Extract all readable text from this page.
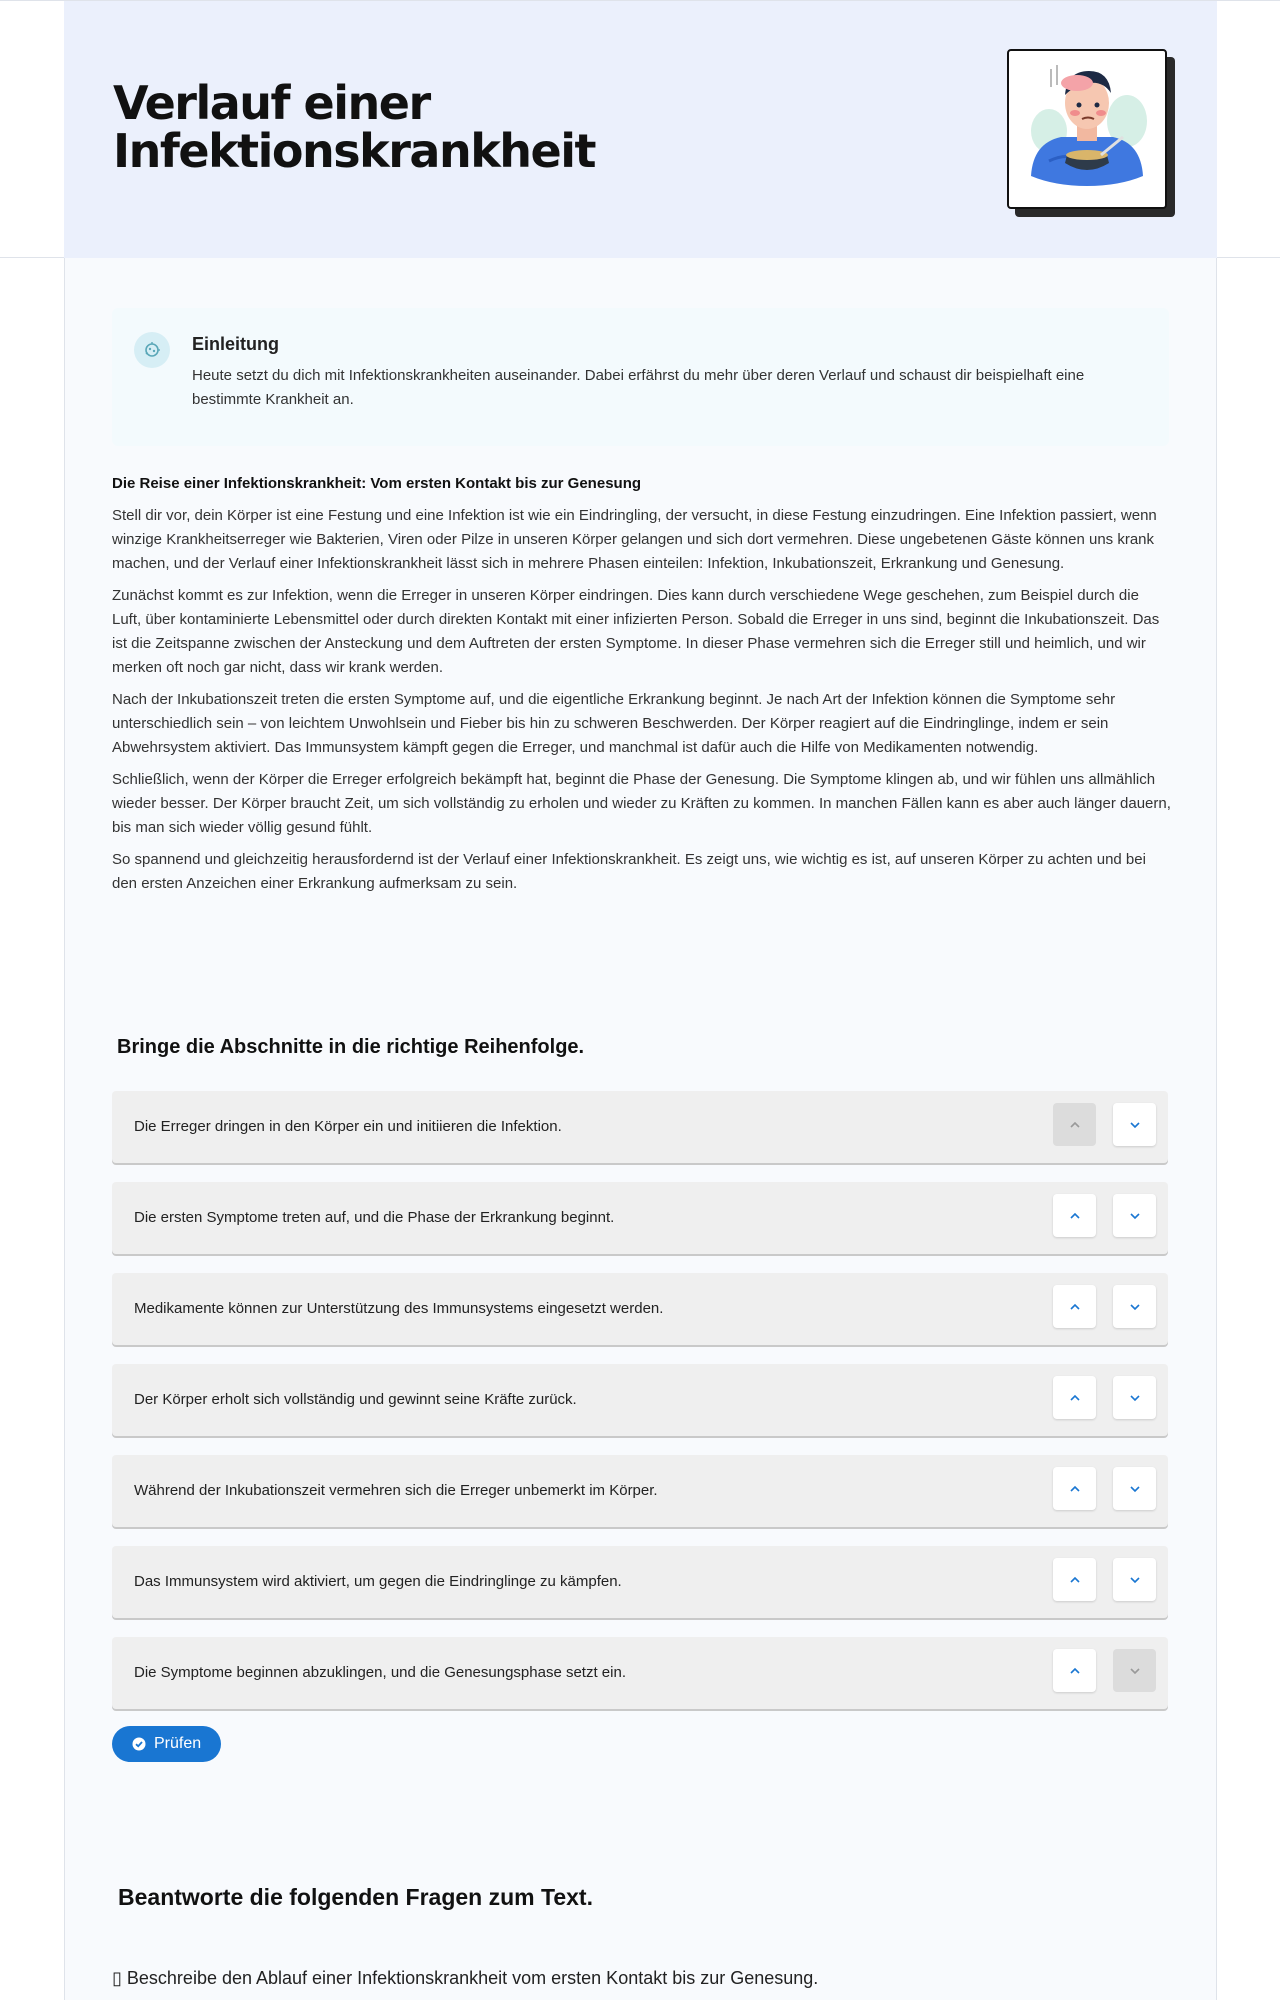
Verlauf einer Infektionskrankheit
Einleitung
Heute setzt du dich mit Infektionskrankheiten auseinander. Dabei erfährst du mehr über deren Verlauf und schaust dir beispielhaft eine bestimmte Krankheit an.
Die Reise einer Infektionskrankheit: Vom ersten Kontakt bis zur Genesung

Stell dir vor, dein Körper ist eine Festung und eine Infektion ist wie ein Eindringling, der versucht, in diese Festung einzudringen. Eine Infektion passiert, wenn winzige Krankheitserreger wie Bakterien, Viren oder Pilze in unseren Körper gelangen und sich dort vermehren. Diese ungebetenen Gäste können uns krank machen, und der Verlauf einer Infektionskrankheit lässt sich in mehrere Phasen einteilen: Infektion, Inkubationszeit, Erkrankung und Genesung.

Zunächst kommt es zur Infektion, wenn die Erreger in unseren Körper eindringen. Dies kann durch verschiedene Wege geschehen, zum Beispiel durch die Luft, über kontaminierte Lebensmittel oder durch direkten Kontakt mit einer infizierten Person. Sobald die Erreger in uns sind, beginnt die Inkubationszeit. Das ist die Zeitspanne zwischen der Ansteckung und dem Auftreten der ersten Symptome. In dieser Phase vermehren sich die Erreger still und heimlich, und wir merken oft noch gar nicht, dass wir krank werden.

Nach der Inkubationszeit treten die ersten Symptome auf, und die eigentliche Erkrankung beginnt. Je nach Art der Infektion können die Symptome sehr unterschiedlich sein – von leichtem Unwohlsein und Fieber bis hin zu schweren Beschwerden. Der Körper reagiert auf die Eindringlinge, indem er sein Abwehrsystem aktiviert. Das Immunsystem kämpft gegen die Erreger, und manchmal ist dafür auch die Hilfe von Medikamenten notwendig.

Schließlich, wenn der Körper die Erreger erfolgreich bekämpft hat, beginnt die Phase der Genesung. Die Symptome klingen ab, und wir fühlen uns allmählich wieder besser. Der Körper braucht Zeit, um sich vollständig zu erholen und wieder zu Kräften zu kommen. In manchen Fällen kann es aber auch länger dauern, bis man sich wieder völlig gesund fühlt.

So spannend und gleichzeitig herausfordernd ist der Verlauf einer Infektionskrankheit. Es zeigt uns, wie wichtig es ist, auf unseren Körper zu achten und bei den ersten Anzeichen einer Erkrankung aufmerksam zu sein.

Bringe die Abschnitte in die richtige Reihenfolge.
Die Erreger dringen in den Körper ein und initiieren die Infektion.
Die ersten Symptome treten auf, und die Phase der Erkrankung beginnt.
Medikamente können zur Unterstützung des Immunsystems eingesetzt werden.
Der Körper erholt sich vollständig und gewinnt seine Kräfte zurück.
Während der Inkubationszeit vermehren sich die Erreger unbemerkt im Körper.
Das Immunsystem wird aktiviert, um gegen die Eindringlinge zu kämpfen.
Die Symptome beginnen abzuklingen, und die Genesungsphase setzt ein.
Prüfen
Beantworte die folgenden Fragen zum Text.
▯ Beschreibe den Ablauf einer Infektionskrankheit vom ersten Kontakt bis zur Genesung.
